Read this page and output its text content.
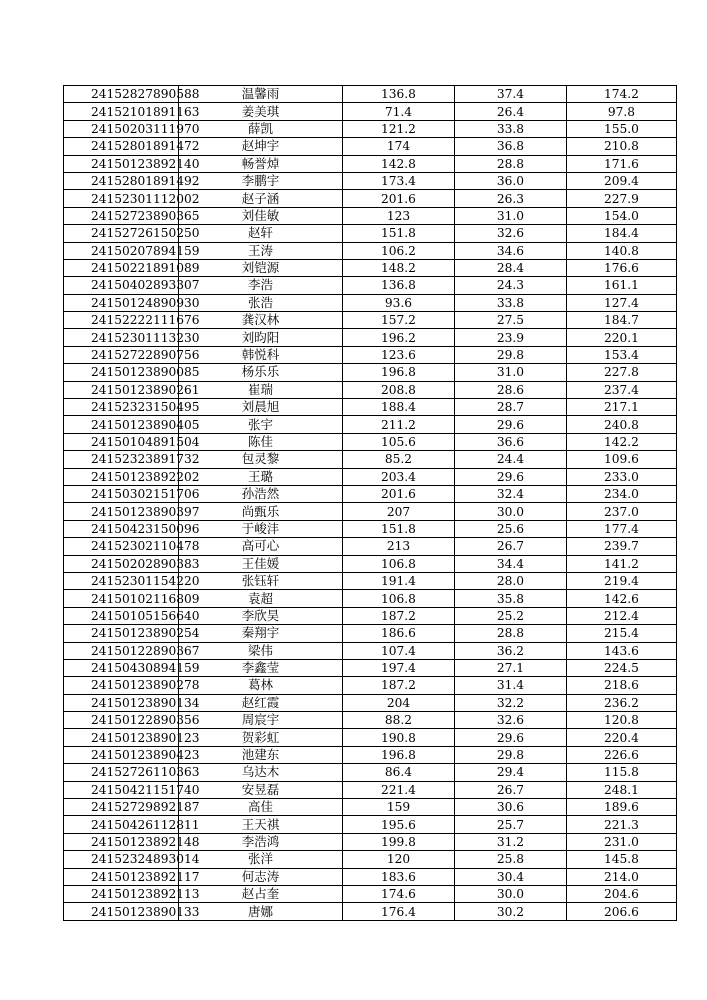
24152827890588	温馨雨	136.8	37.4	174.2
24152101891163	姜美琪	71.4	26.4	97.8
24150203111970	薛凯	121.2	33.8	155.0
24152801891472	赵坤宇	174	36.8	210.8
24150123892140	畅誉焯	142.8	28.8	171.6
24152801891492	李鹏宇	173.4	36.0	209.4
24152301112002	赵子涵	201.6	26.3	227.9
24152723890365	刘佳敏	123	31.0	154.0
24152726150250	赵轩	151.8	32.6	184.4
24150207894159	王涛	106.2	34.6	140.8
24150221891089	刘铠源	148.2	28.4	176.6
24150402893307	李浩	136.8	24.3	161.1
24150124890930	张浩	93.6	33.8	127.4
24152222111676	龚汉林	157.2	27.5	184.7
24152301113230	刘昀阳	196.2	23.9	220.1
24152722890756	韩悦科	123.6	29.8	153.4
24150123890085	杨乐乐	196.8	31.0	227.8
24150123890261	崔瑞	208.8	28.6	237.4
24152323150495	刘晨旭	188.4	28.7	217.1
24150123890405	张宇	211.2	29.6	240.8
24150104891504	陈佳	105.6	36.6	142.2
24152323891732	包灵黎	85.2	24.4	109.6
24150123892202	王璐	203.4	29.6	233.0
24150302151706	孙浩然	201.6	32.4	234.0
24150123890397	尚甄乐	207	30.0	237.0
24150423150096	于峻沣	151.8	25.6	177.4
24152302110478	高可心	213	26.7	239.7
24150202890383	王佳媛	106.8	34.4	141.2
24152301154220	张钰轩	191.4	28.0	219.4
24150102116809	袁超	106.8	35.8	142.6
24150105156640	李欣昊	187.2	25.2	212.4
24150123890254	秦翔宇	186.6	28.8	215.4
24150122890367	梁伟	107.4	36.2	143.6
24150430894159	李鑫莹	197.4	27.1	224.5
24150123890278	葛林	187.2	31.4	218.6
24150123890134	赵红霞	204	32.2	236.2
24150122890356	周宸宇	88.2	32.6	120.8
24150123890123	贺彩虹	190.8	29.6	220.4
24150123890423	池建东	196.8	29.8	226.6
24152726110363	乌达木	86.4	29.4	115.8
24150421151740	安昱磊	221.4	26.7	248.1
24152729892187	高佳	159	30.6	189.6
24150426112811	王天祺	195.6	25.7	221.3
24150123892148	李浩鸿	199.8	31.2	231.0
24152324893014	张洋	120	25.8	145.8
24150123892117	何志涛	183.6	30.4	214.0
24150123892113	赵占奎	174.6	30.0	204.6
24150123890133	唐娜	176.4	30.2	206.6
